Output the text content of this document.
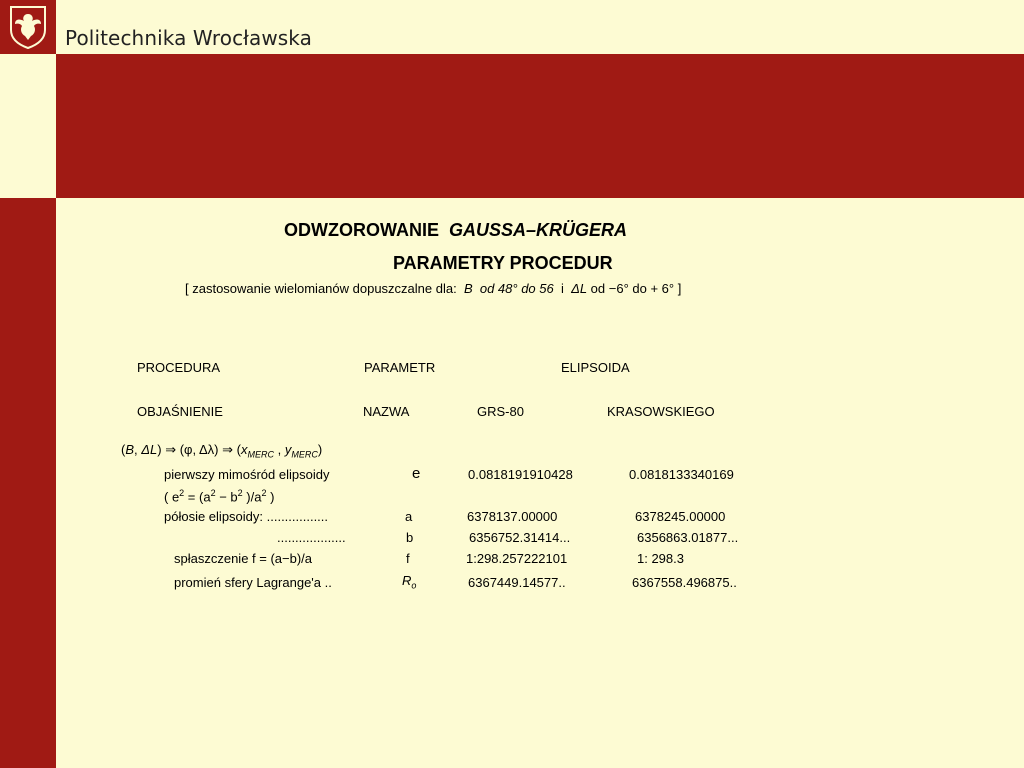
Politechnika Wrocławska
ODWZOROWANIE GAUSSA–KRÜGERA
PARAMETRY PROCEDUR
[ zastosowanie wielomianów dopuszczalne dla: B od 48° do 56 i ΔL od −6° do + 6° ]
PROCEDURA	PARAMETR	ELIPSOIDA
OBJAŚNIENIE	NAZWA	GRS-80	KRASOWSKIEGO
(B, ΔL) ⇒ (φ, Δλ) ⇒ ($x_{MERC}$ , $y_{MERC}$)
pierwszy mimośród elipsoidy	e	0.0818191910428	0.0818133340169
( $e^2 = (a^2 - b^2$ )$/a^2$ )
półosie elipsoidy: .................	a	6378137.00000	6378245.00000
...................	b	6356752.31414...	6356863.01877...
spłaszczenie f = (a−b)/a	f	1:298.257222101	1: 298.3
promień sfery Lagrange'a ..	$R_o$	6367449.14577..	6367558.496875..
